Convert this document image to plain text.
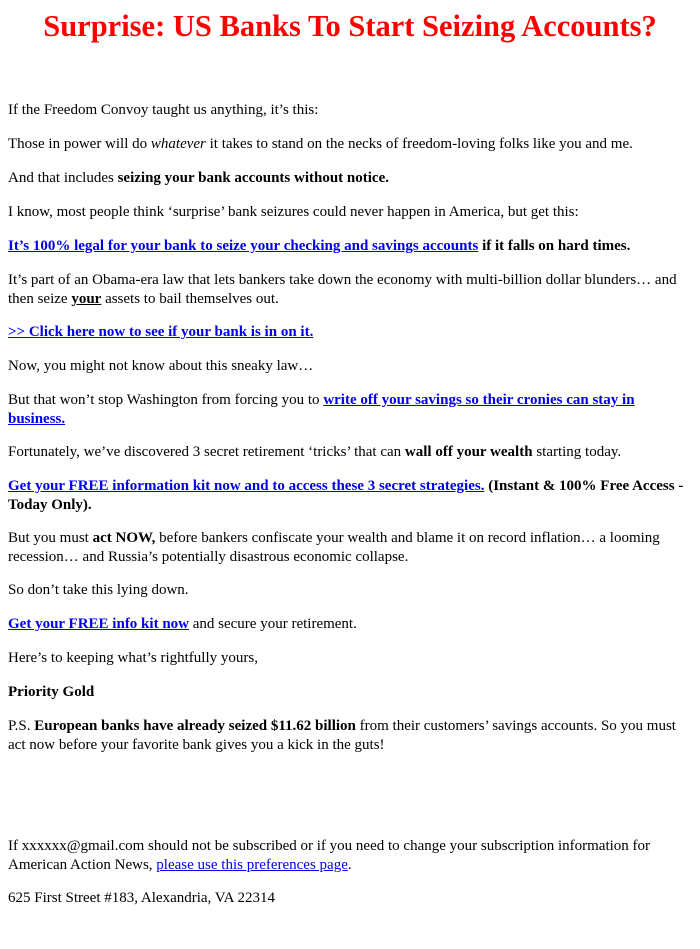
Surprise: US Banks To Start Seizing Accounts?

If the Freedom Convoy taught us anything, it’s this:

Those in power will do whatever it takes to stand on the necks of freedom-loving folks like you and me.

And that includes seizing your bank accounts without notice.

I know, most people think ‘surprise’ bank seizures could never happen in America, but get this:

It’s 100% legal for your bank to seize your checking and savings accounts if it falls on hard times.

It’s part of an Obama-era law that lets bankers take down the economy with multi-billion dollar blunders… and then seize your assets to bail themselves out.

>> Click here now to see if your bank is in on it.

Now, you might not know about this sneaky law…

But that won’t stop Washington from forcing you to write off your savings so their cronies can stay in business.

Fortunately, we’ve discovered 3 secret retirement ‘tricks’ that can wall off your wealth starting today.

Get your FREE information kit now and to access these 3 secret strategies. (Instant & 100% Free Access - Today Only).

But you must act NOW, before bankers confiscate your wealth and blame it on record inflation… a looming recession… and Russia’s potentially disastrous economic collapse.

So don’t take this lying down.

Get your FREE info kit now and secure your retirement.

Here’s to keeping what’s rightfully yours,

Priority Gold

P.S. European banks have already seized $11.62 billion from their customers’ savings accounts. So you must act now before your favorite bank gives you a kick in the guts!

If xxxxxx@gmail.com should not be subscribed or if you need to change your subscription information for American Action News, please use this preferences page.

625 First Street #183, Alexandria, VA 22314
